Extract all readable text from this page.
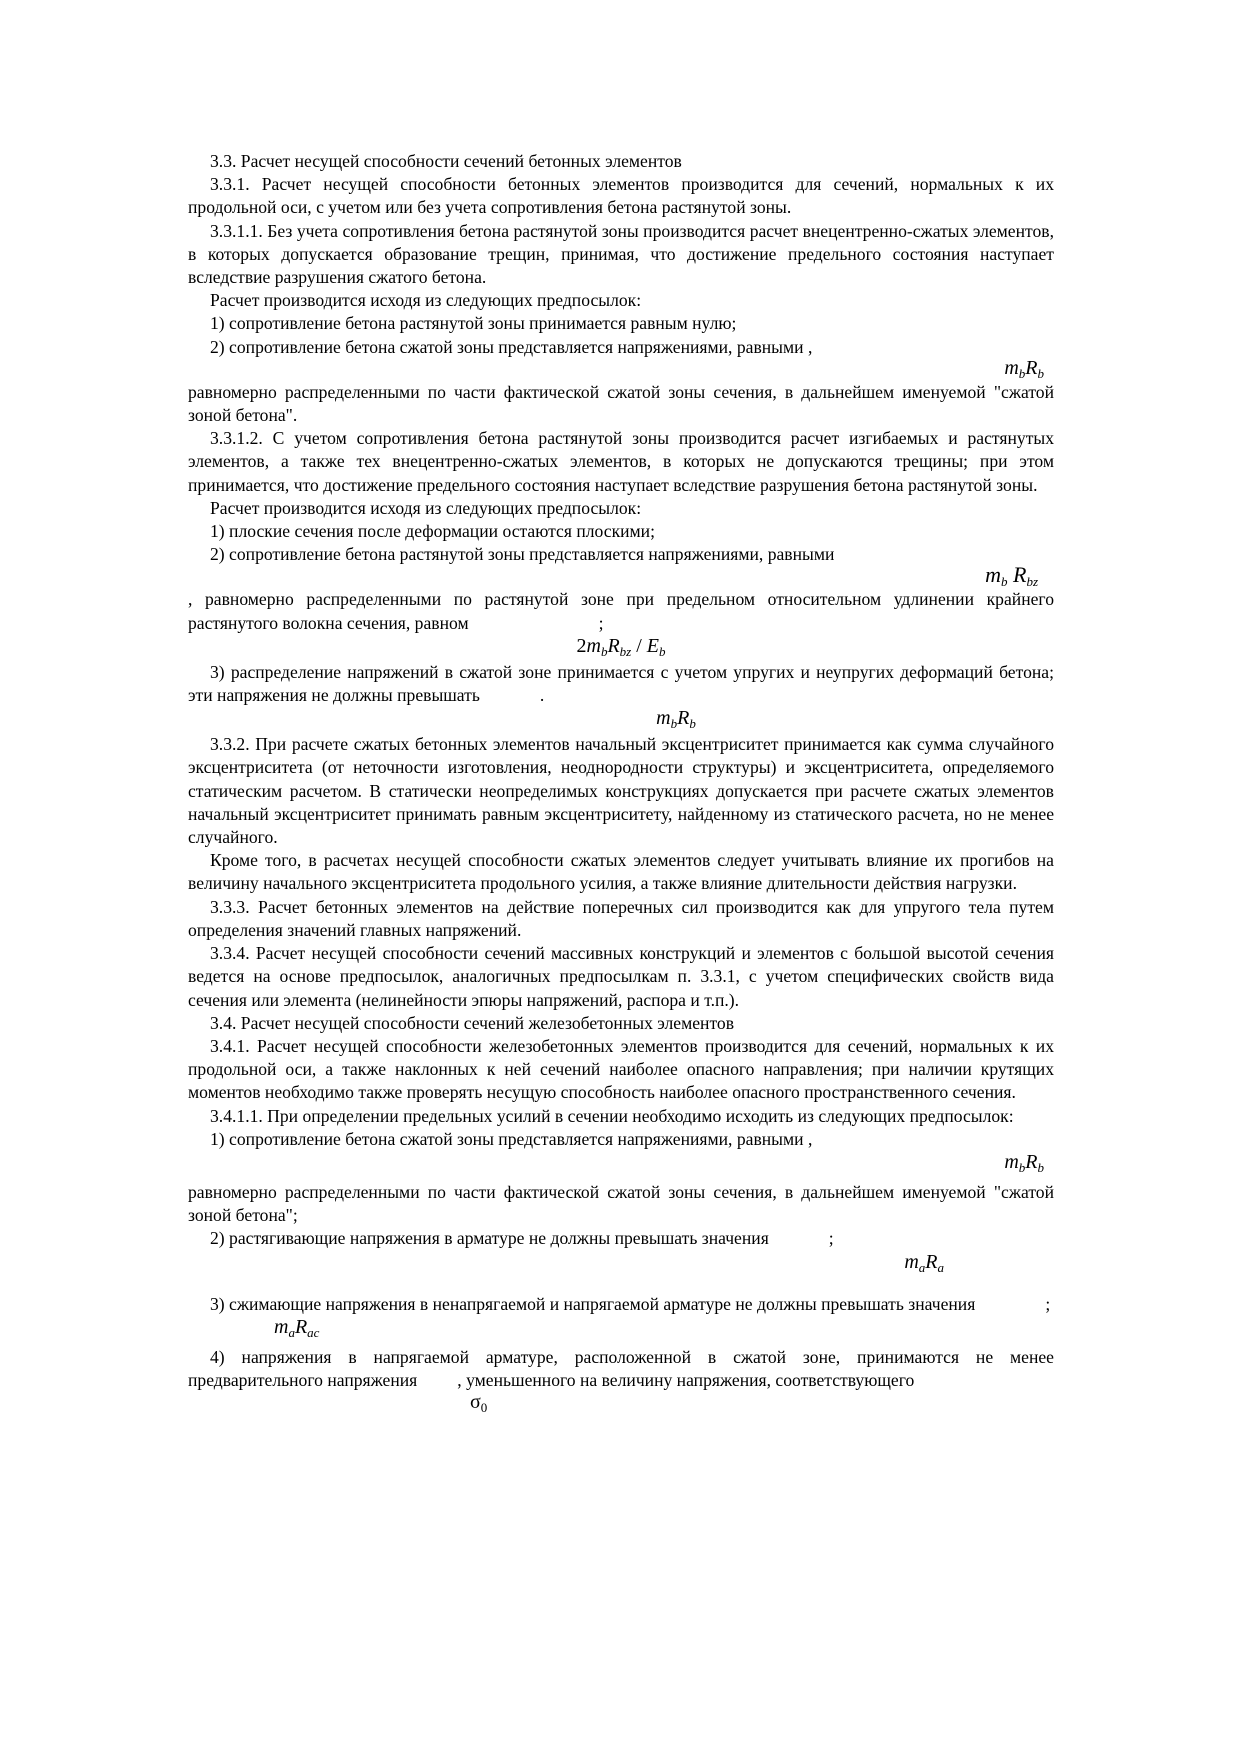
3.3. Расчет несущей способности сечений бетонных элементов

3.3.1. Расчет несущей способности бетонных элементов производится для сечений, нормальных к их продольной оси, с учетом или без учета сопротивления бетона растянутой зоны.

3.3.1.1. Без учета сопротивления бетона растянутой зоны производится расчет внецентренно-сжатых элементов, в которых допускается образование трещин, принимая, что достижение предельного состояния наступает вследствие разрушения сжатого бетона.

Расчет производится исходя из следующих предпосылок:

1) сопротивление бетона растянутой зоны принимается равным нулю;

2) сопротивление бетона сжатой зоны представляется напряжениями, равными ,
$m_bR_b$

равномерно распределенными по части фактической сжатой зоны сечения, в дальнейшем именуемой "сжатой зоной бетона".

3.3.1.2. С учетом сопротивления бетона растянутой зоны производится расчет изгибаемых и растянутых элементов, а также тех внецентренно-сжатых элементов, в которых не допускаются трещины; при этом принимается, что достижение предельного состояния наступает вследствие разрушения бетона растянутой зоны.

Расчет производится исходя из следующих предпосылок:

1) плоские сечения после деформации остаются плоскими;

2) сопротивление бетона растянутой зоны представляется напряжениями, равными
$m_b$ $R_{bz}$

, равномерно распределенными по растянутой зоне при предельном относительном удлинении крайнего растянутого волокна сечения, равном	;
$2m_bR_{bz} / E_b$

3) распределение напряжений в сжатой зоне принимается с учетом упругих и неупругих деформаций бетона; эти напряжения не должны превышать	.
$m_bR_b$

3.3.2. При расчете сжатых бетонных элементов начальный эксцентриситет принимается как сумма случайного эксцентриситета (от неточности изготовления, неоднородности структуры) и эксцентриситета, определяемого статическим расчетом. В статически неопределимых конструкциях допускается при расчете сжатых элементов начальный эксцентриситет принимать равным эксцентриситету, найденному из статического расчета, но не менее случайного.

Кроме того, в расчетах несущей способности сжатых элементов следует учитывать влияние их прогибов на величину начального эксцентриситета продольного усилия, а также влияние длительности действия нагрузки.

3.3.3. Расчет бетонных элементов на действие поперечных сил производится как для упругого тела путем определения значений главных напряжений.

3.3.4. Расчет несущей способности сечений массивных конструкций и элементов с большой высотой сечения ведется на основе предпосылок, аналогичных предпосылкам п. 3.3.1, с учетом специфических свойств вида сечения или элемента (нелинейности эпюры напряжений, распора и т.п.).

3.4. Расчет несущей способности сечений железобетонных элементов

3.4.1. Расчет несущей способности железобетонных элементов производится для сечений, нормальных к их продольной оси, а также наклонных к ней сечений наиболее опасного направления; при наличии крутящих моментов необходимо также проверять несущую способность наиболее опасного пространственного сечения.

3.4.1.1. При определении предельных усилий в сечении необходимо исходить из следующих предпосылок:

1) сопротивление бетона сжатой зоны представляется напряжениями, равными ,
$m_bR_b$

равномерно распределенными по части фактической сжатой зоны сечения, в дальнейшем именуемой "сжатой зоной бетона";

2) растягивающие напряжения в арматуре не должны превышать значения	;
$m_aR_a$

3) сжимающие напряжения в ненапрягаемой и напрягаемой арматуре не должны превышать значения	;
$m_aR_{ac}$

4) напряжения в напрягаемой арматуре, расположенной в сжатой зоне, принимаются не менее предварительного напряжения , уменьшенного на величину напряжения, соответствующего
$\sigma_0$
